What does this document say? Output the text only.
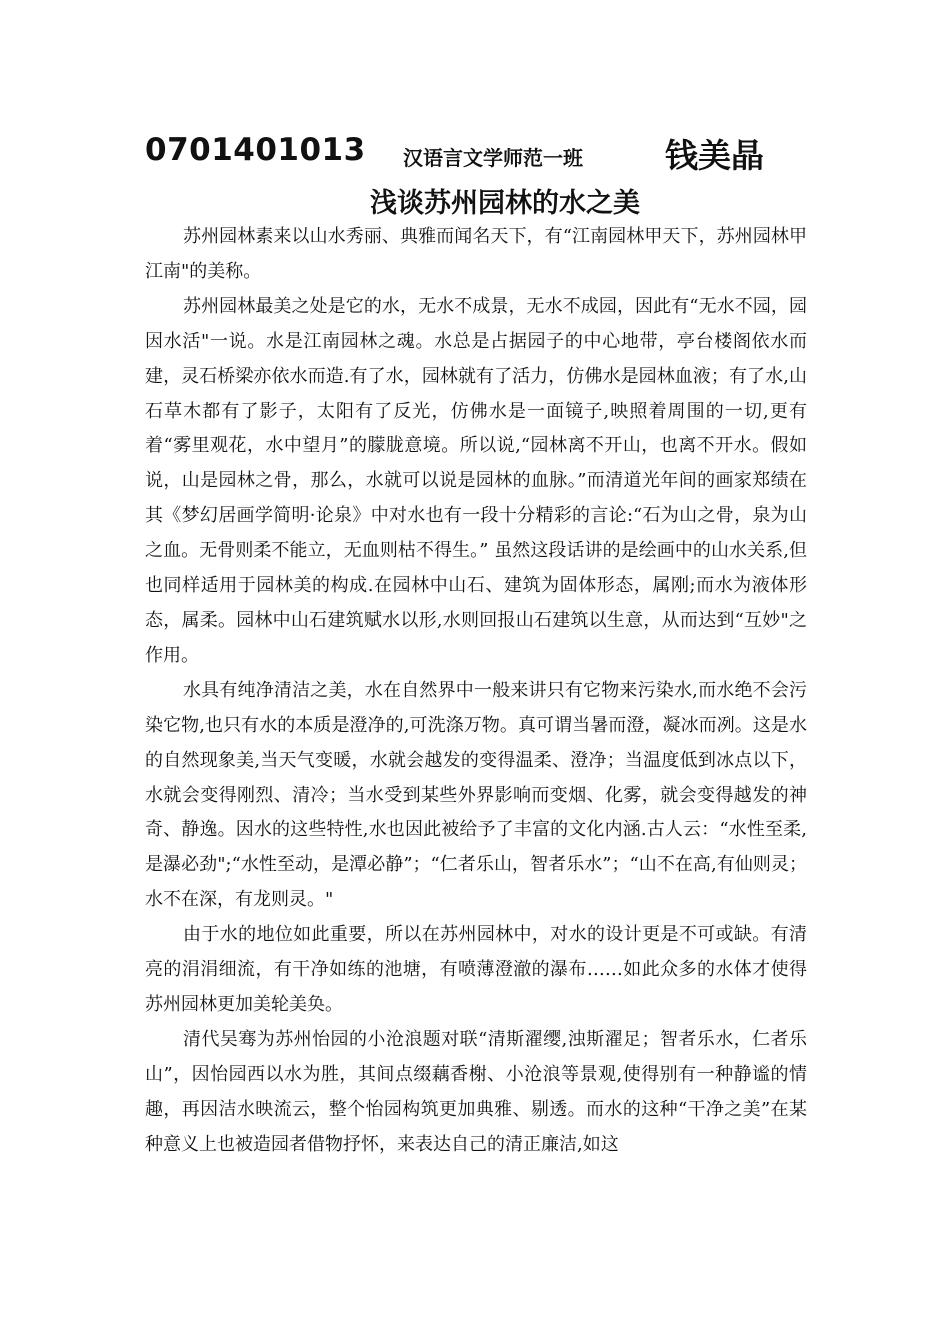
0701401013 汉语言文学师范一班 钱美晶
浅谈苏州园林的水之美

苏州园林素来以山水秀丽、典雅而闻名天下，有“江南园林甲天下，苏州园林甲江南"的美称。

苏州园林最美之处是它的水，无水不成景，无水不成园，因此有“无水不园，园因水活"一说。水是江南园林之魂。水总是占据园子的中心地带，亭台楼阁依水而建，灵石桥梁亦依水而造.有了水，园林就有了活力，仿佛水是园林血液；有了水,山石草木都有了影子，太阳有了反光，仿佛水是一面镜子,映照着周围的一切,更有着“雾里观花，水中望月”的朦胧意境。所以说,“园林离不开山，也离不开水。假如说，山是园林之骨，那么，水就可以说是园林的血脉。”而清道光年间的画家郑绩在其《梦幻居画学简明·论泉》中对水也有一段十分精彩的言论:“石为山之骨，泉为山之血。无骨则柔不能立，无血则枯不得生。” 虽然这段话讲的是绘画中的山水关系,但也同样适用于园林美的构成.在园林中山石、建筑为固体形态，属刚;而水为液体形态，属柔。园林中山石建筑赋水以形,水则回报山石建筑以生意，从而达到“互妙"之作用。

水具有纯净清洁之美，水在自然界中一般来讲只有它物来污染水,而水绝不会污染它物,也只有水的本质是澄净的,可洗涤万物。真可谓当暑而澄，凝冰而冽。这是水的自然现象美,当天气变暖，水就会越发的变得温柔、澄净；当温度低到冰点以下，水就会变得刚烈、清冷；当水受到某些外界影响而变烟、化雾，就会变得越发的神奇、静逸。因水的这些特性,水也因此被给予了丰富的文化内涵.古人云：“水性至柔,是瀑必劲";“水性至动，是潭必静”；“仁者乐山，智者乐水”；“山不在高,有仙则灵；水不在深，有龙则灵。"

由于水的地位如此重要，所以在苏州园林中，对水的设计更是不可或缺。有清亮的涓涓细流，有干净如练的池塘，有喷薄澄澈的瀑布……如此众多的水体才使得苏州园林更加美轮美奂。

清代吴骞为苏州怡园的小沧浪题对联“清斯濯缨,浊斯濯足；智者乐水，仁者乐山”，因怡园西以水为胜，其间点缀藕香榭、小沧浪等景观,使得别有一种静谧的情趣，再因洁水映流云，整个怡园构筑更加典雅、剔透。而水的这种“干净之美”在某种意义上也被造园者借物抒怀，来表达自己的清正廉洁,如这
